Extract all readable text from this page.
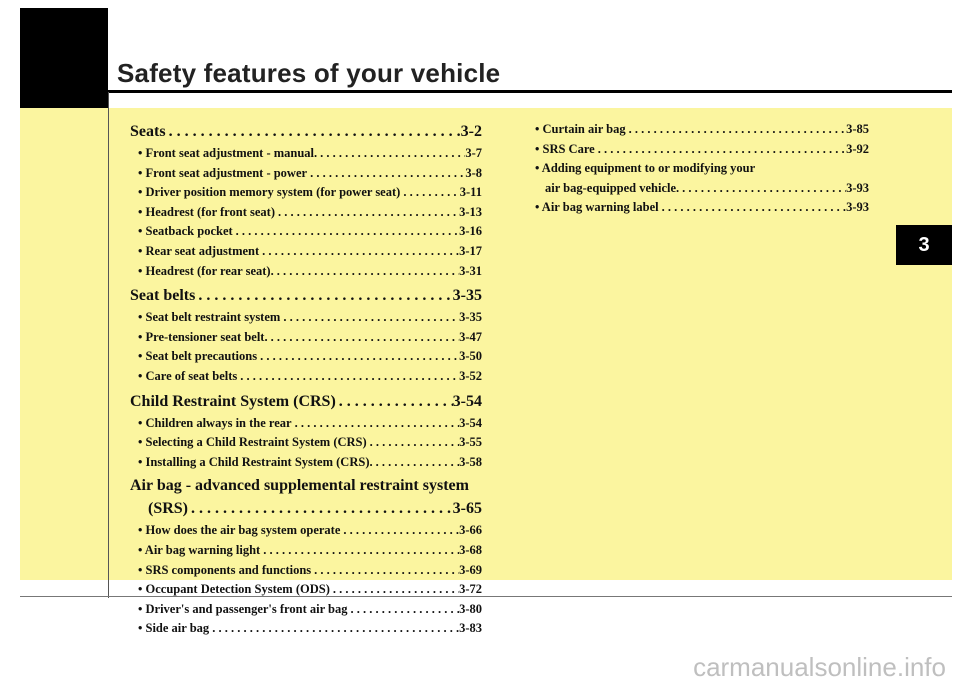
Safety features of your vehicle
3
Seats . . .	3-2
• Front seat adjustment - manual. . . .	3-7
• Front seat adjustment - power . . .	3-8
• Driver position memory system (for power seat) . . .	3-11
• Headrest (for front seat) . . .	3-13
• Seatback pocket . . .	3-16
• Rear seat adjustment . . .	3-17
• Headrest (for rear seat). . . .	3-31
Seat belts . . .	3-35
• Seat belt restraint system . . .	3-35
• Pre-tensioner seat belt. . . .	3-47
• Seat belt precautions . . .	3-50
• Care of seat belts . . .	3-52
Child Restraint System (CRS) . . .	3-54
• Children always in the rear . . .	3-54
• Selecting a Child Restraint System (CRS) . . .	3-55
• Installing a Child Restraint System (CRS). . . .	3-58
Air bag - advanced supplemental restraint system
(SRS) . . .	3-65
• How does the air bag system operate . . .	3-66
• Air bag warning light . . .	3-68
• SRS components and functions . . .	3-69
• Occupant Detection System (ODS) . . .	3-72
• Driver's and passenger's front air bag . . .	3-80
• Side air bag . . .	3-83
• Curtain air bag . . .	3-85
• SRS Care . . .	3-92
• Adding equipment to or modifying your
air bag-equipped vehicle. . . .	3-93
• Air bag warning label . . .	3-93
carmanualsonline.info
